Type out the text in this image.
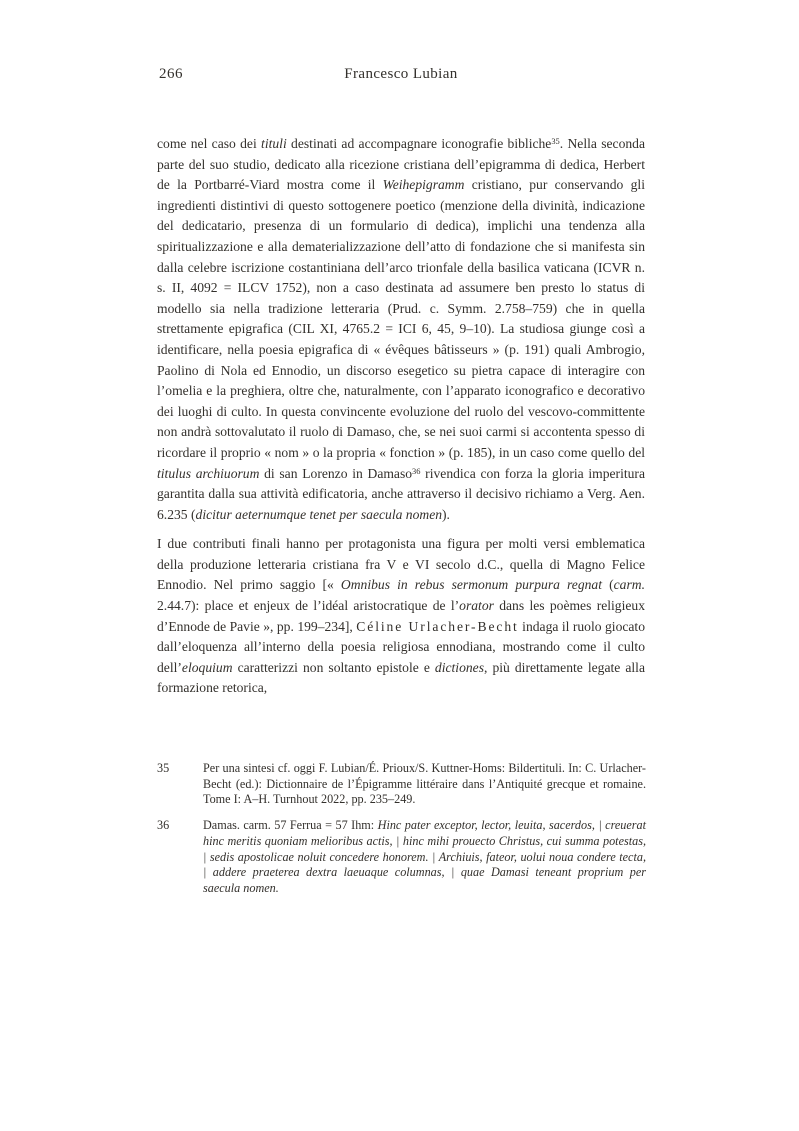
266	Francesco Lubian

come nel caso dei tituli destinati ad accompagnare iconografie bibliche$^{35}$. Nella seconda parte del suo studio, dedicato alla ricezione cristiana dell’epigramma di dedica, Herbert de la Portbarré-Viard mostra come il Weihepigramm cristiano, pur conservando gli ingredienti distintivi di questo sottogenere poetico (menzione della divinità, indicazione del dedicatario, presenza di un formulario di dedica), implichi una tendenza alla spiritualizzazione e alla dematerializzazione dell’atto di fondazione che si manifesta sin dalla celebre iscrizione costantiniana dell’arco trionfale della basilica vaticana (ICVR n. s. II, 4092 = ILCV 1752), non a caso destinata ad assumere ben presto lo status di modello sia nella tradizione letteraria (Prud. c. Symm. 2.758–759) che in quella strettamente epigrafica (CIL XI, 4765.2 = ICI 6, 45, 9–10). La studiosa giunge così a identificare, nella poesia epigrafica di « évêques bâtisseurs » (p. 191) quali Ambrogio, Paolino di Nola ed Ennodio, un discorso esegetico su pietra capace di interagire con l’omelia e la preghiera, oltre che, naturalmente, con l’apparato iconografico e decorativo dei luoghi di culto. In questa convincente evoluzione del ruolo del vescovo-committente non andrà sottovalutato il ruolo di Damaso, che, se nei suoi carmi si accontenta spesso di ricordare il proprio « nom » o la propria « fonction » (p. 185), in un caso come quello del titulus archiuorum di san Lorenzo in Damaso$^{36}$ rivendica con forza la gloria imperitura garantita dalla sua attività edificatoria, anche attraverso il decisivo richiamo a Verg. Aen. 6.235 (dicitur aeternumque tenet per saecula nomen).

I due contributi finali hanno per protagonista una figura per molti versi emblematica della produzione letteraria cristiana fra V e VI secolo d.C., quella di Magno Felice Ennodio. Nel primo saggio [« Omnibus in rebus sermonum purpura regnat (carm. 2.44.7): place et enjeux de l’idéal aristocratique de l’orator dans les poèmes religieux d’Ennode de Pavie », pp. 199–234], Céline Urlacher-Becht indaga il ruolo giocato dall’eloquenza all’interno della poesia religiosa ennodiana, mostrando come il culto dell’eloquium caratterizzi non soltanto epistole e dictiones, più direttamente legate alla formazione retorica,

35	Per una sintesi cf. oggi F. Lubian/É. Prioux/S. Kuttner-Homs: Bildertituli. In: C. Urlacher-Becht (ed.): Dictionnaire de l’Épigramme littéraire dans l’Antiquité grecque et romaine. Tome I: A–H. Turnhout 2022, pp. 235–249.

36	Damas. carm. 57 Ferrua = 57 Ihm: Hinc pater exceptor, lector, leuita, sacerdos, | creuerat hinc meritis quoniam melioribus actis, | hinc mihi prouecto Christus, cui summa potestas, | sedis apostolicae noluit concedere honorem. | Archiuis, fateor, uolui noua condere tecta, | addere praeterea dextra laeuaque columnas, | quae Damasi teneant proprium per saecula nomen.
